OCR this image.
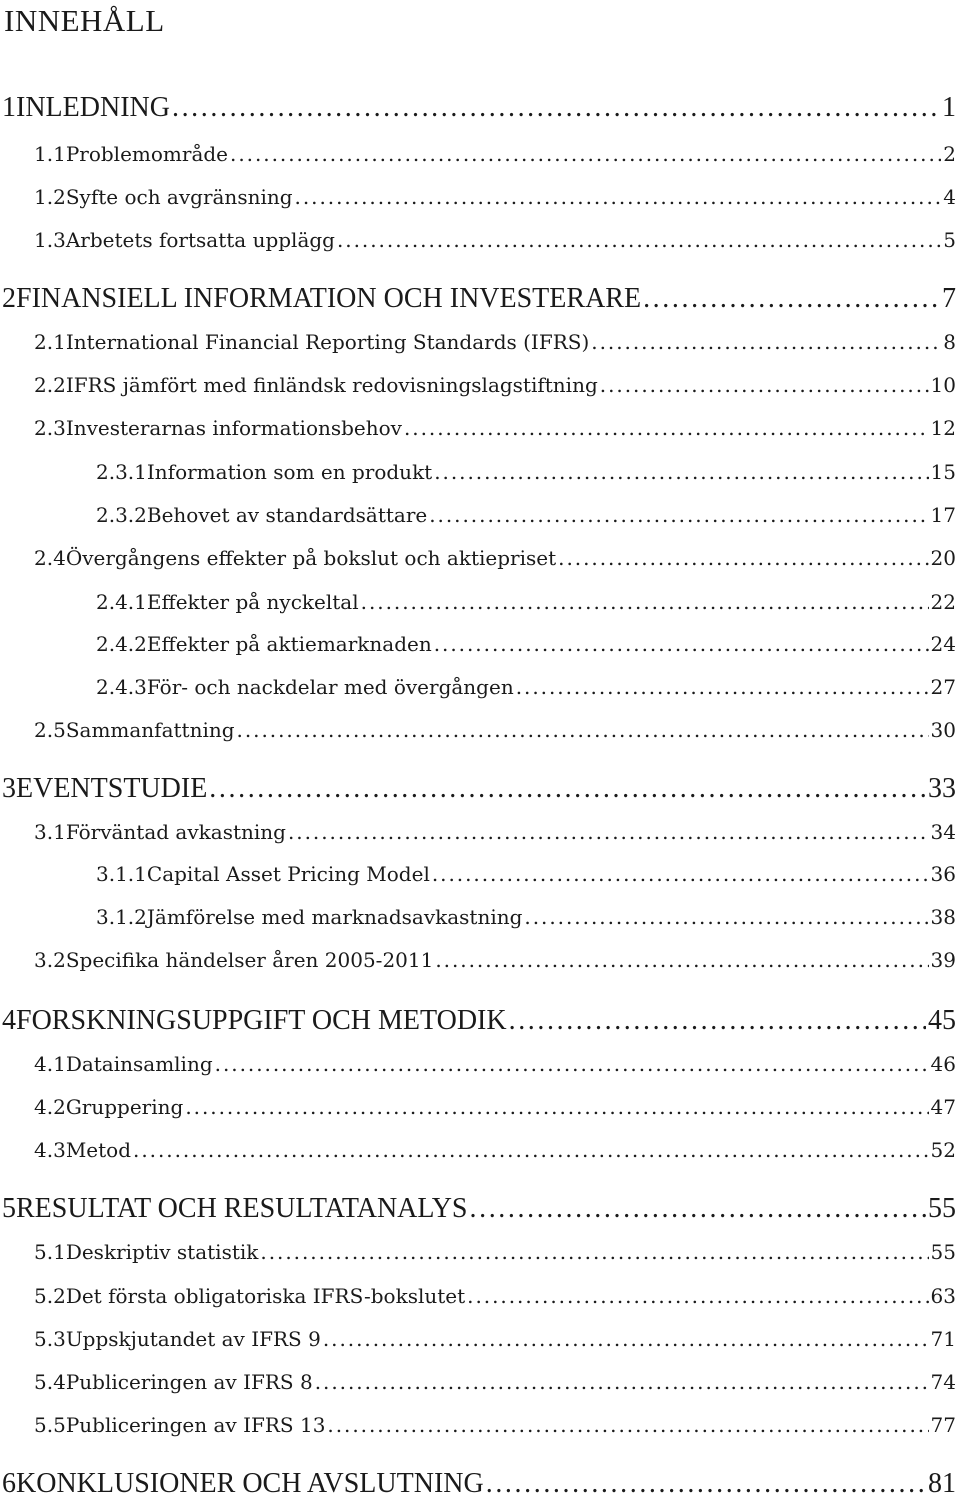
INNEHÅLL
1 INLEDNING . . .	1
1.1 Problemområde . . .	2
1.2 Syfte och avgränsning . . .	4
1.3 Arbetets fortsatta upplägg . . .	5
2 FINANSIELL INFORMATION OCH INVESTERARE . . .	7
2.1 International Financial Reporting Standards (IFRS) . . .	8
2.2 IFRS jämfört med finländsk redovisningslagstiftning . . .	10
2.3 Investerarnas informationsbehov . . .	12
2.3.1 Information som en produkt . . .	15
2.3.2 Behovet av standardsättare . . .	17
2.4 Övergångens effekter på bokslut och aktiepriset . . .	20
2.4.1 Effekter på nyckeltal . . .	22
2.4.2 Effekter på aktiemarknaden . . .	24
2.4.3 För- och nackdelar med övergången . . .	27
2.5 Sammanfattning . . .	30
3 EVENTSTUDIE . . .	33
3.1 Förväntad avkastning . . .	34
3.1.1 Capital Asset Pricing Model . . .	36
3.1.2 Jämförelse med marknadsavkastning . . .	38
3.2 Specifika händelser åren 2005-2011 . . .	39
4 FORSKNINGSUPPGIFT OCH METODIK . . .	45
4.1 Datainsamling . . .	46
4.2 Gruppering . . .	47
4.3 Metod . . .	52
5 RESULTAT OCH RESULTATANALYS . . .	55
5.1 Deskriptiv statistik . . .	55
5.2 Det första obligatoriska IFRS-bokslutet . . .	63
5.3 Uppskjutandet av IFRS 9 . . .	71
5.4 Publiceringen av IFRS 8 . . .	74
5.5 Publiceringen av IFRS 13 . . .	77
6 KONKLUSIONER OCH AVSLUTNING . . .	81
